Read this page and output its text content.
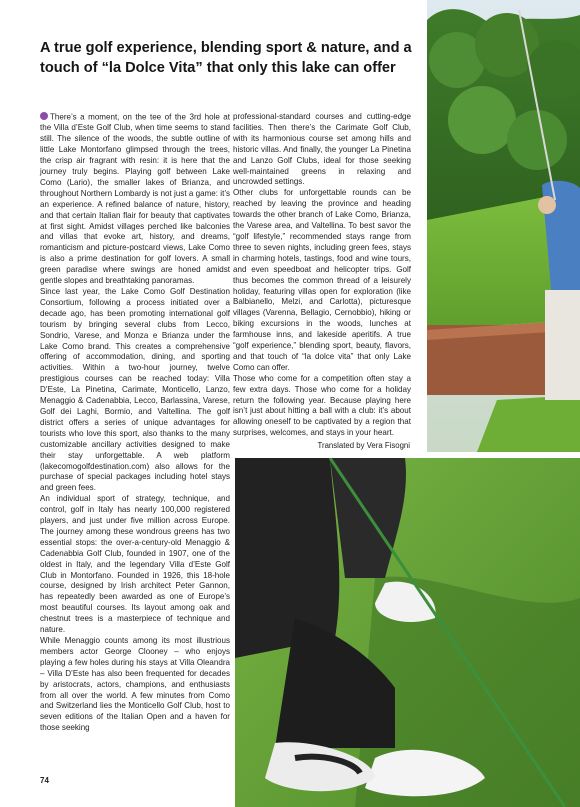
A true golf experience, blending sport & nature, and a touch of “la Dolce Vita” that only this lake can offer

There’s a moment, on the tee of the 3rd hole at the Villa d’Este Golf Club, when time seems to stand still. The silence of the woods, the subtle outline of little Lake Montorfano glimpsed through the trees, the crisp air fragrant with resin: it is here that the journey truly begins. Playing golf between Lake Como (Lario), the smaller lakes of Brianza, and throughout Northern Lombardy is not just a game: it’s an experience. A refined balance of nature, history, and that certain Italian flair for beauty that captivates at first sight. Amidst villages perched like balconies and villas that evoke art, history, and dreams, romanticism and picture-postcard views, Lake Como is also a prime destination for golf lovers. A small green paradise where swings are honed amidst gentle slopes and breathtaking panoramas.

Since last year, the Lake Como Golf Destination Consortium, following a process initiated over a decade ago, has been promoting international golf tourism by bringing several clubs from Lecco, Sondrio, Varese, and Monza e Brianza under the Lake Como brand. This creates a comprehensive offering of accommodation, dining, and sporting activities. Within a two-hour journey, twelve prestigious courses can be reached today: Villa D’Este, La Pinetina, Carimate, Monticello, Lanzo, Menaggio & Cadenabbia, Lecco, Barlassina, Varese, Golf dei Laghi, Bormio, and Valtellina. The golf district offers a series of unique advantages for tourists who love this sport, also thanks to the many customizable ancillary activities designed to make their stay unforgettable. A web platform (lakecomogolfdestination.com) also allows for the purchase of special packages including hotel stays and green fees.

An individual sport of strategy, technique, and control, golf in Italy has nearly 100,000 registered players, and just under five million across Europe. The journey among these wondrous greens has two essential stops: the over-a-century-old Menaggio & Cadenabbia Golf Club, founded in 1907, one of the oldest in Italy, and the legendary Villa d’Este Golf Club in Montorfano. Founded in 1926, this 18-hole course, designed by Irish architect Peter Gannon, has repeatedly been awarded as one of Europe’s most beautiful courses. Its layout among oak and chestnut trees is a masterpiece of technique and nature.

While Menaggio counts among its most illustrious members actor George Clooney – who enjoys playing a few holes during his stays at Villa Oleandra – Villa D’Este has also been frequented for decades by aristocrats, actors, champions, and enthusiasts from all over the world. A few minutes from Como and Switzerland lies the Monticello Golf Club, host to seven editions of the Italian Open and a haven for those seeking

professional-standard courses and cutting-edge facilities. Then there’s the Carimate Golf Club, with its harmonious course set among hills and historic villas. And finally, the younger La Pinetina and Lanzo Golf Clubs, ideal for those seeking well-maintained greens in relaxing and uncrowded settings.

Other clubs for unforgettable rounds can be reached by leaving the province and heading towards the other branch of Lake Como, Brianza, the Varese area, and Valtellina. To best savor the “golf lifestyle,” recommended stays range from three to seven nights, including green fees, stays in charming hotels, tastings, food and wine tours, and even speedboat and helicopter trips. Golf thus becomes the common thread of a leisurely holiday, featuring villas open for exploration (like Balbianello, Melzi, and Carlotta), picturesque villages (Varenna, Bellagio, Cernobbio), hiking or biking excursions in the woods, lunches at farmhouse inns, and lakeside aperitifs. A true “golf experience,” blending sport, beauty, flavors, and that touch of “la dolce vita” that only Lake Como can offer.

Those who come for a competition often stay a few extra days. Those who come for a holiday return the following year. Because playing here isn’t just about hitting a ball with a club: it’s about allowing oneself to be captivated by a region that surprises, welcomes, and stays in your heart.

Translated by Vera Fisogni
74
